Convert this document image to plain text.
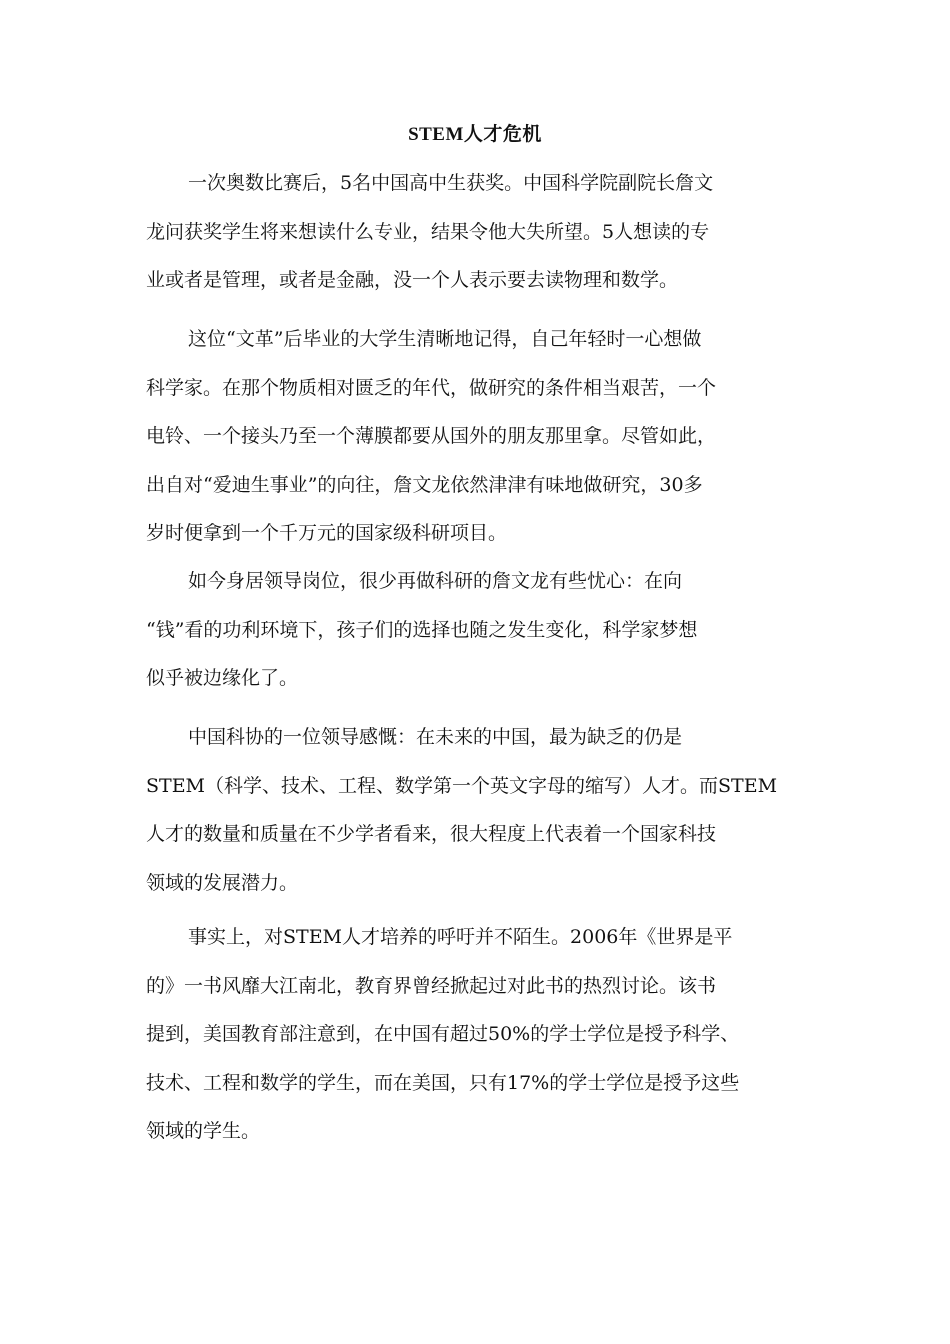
STEM人才危机
一次奥数比赛后，5名中国高中生获奖。中国科学院副院长詹文
龙问获奖学生将来想读什么专业，结果令他大失所望。5人想读的专
业或者是管理，或者是金融，没一个人表示要去读物理和数学。
这位“文革”后毕业的大学生清晰地记得，自己年轻时一心想做
科学家。在那个物质相对匮乏的年代，做研究的条件相当艰苦，一个
电铃、一个接头乃至一个薄膜都要从国外的朋友那里拿。尽管如此，
出自对“爱迪生事业”的向往，詹文龙依然津津有味地做研究，30多
岁时便拿到一个千万元的国家级科研项目。
如今身居领导岗位，很少再做科研的詹文龙有些忧心：在向
“钱”看的功利环境下，孩子们的选择也随之发生变化，科学家梦想
似乎被边缘化了。
中国科协的一位领导感慨：在未来的中国，最为缺乏的仍是
STEM（科学、技术、工程、数学第一个英文字母的缩写）人才。而STEM
人才的数量和质量在不少学者看来，很大程度上代表着一个国家科技
领域的发展潜力。
事实上，对STEM人才培养的呼吁并不陌生。2006年《世界是平
的》一书风靡大江南北，教育界曾经掀起过对此书的热烈讨论。该书
提到，美国教育部注意到，在中国有超过50%的学士学位是授予科学、
技术、工程和数学的学生，而在美国，只有17%的学士学位是授予这些
领域的学生。
